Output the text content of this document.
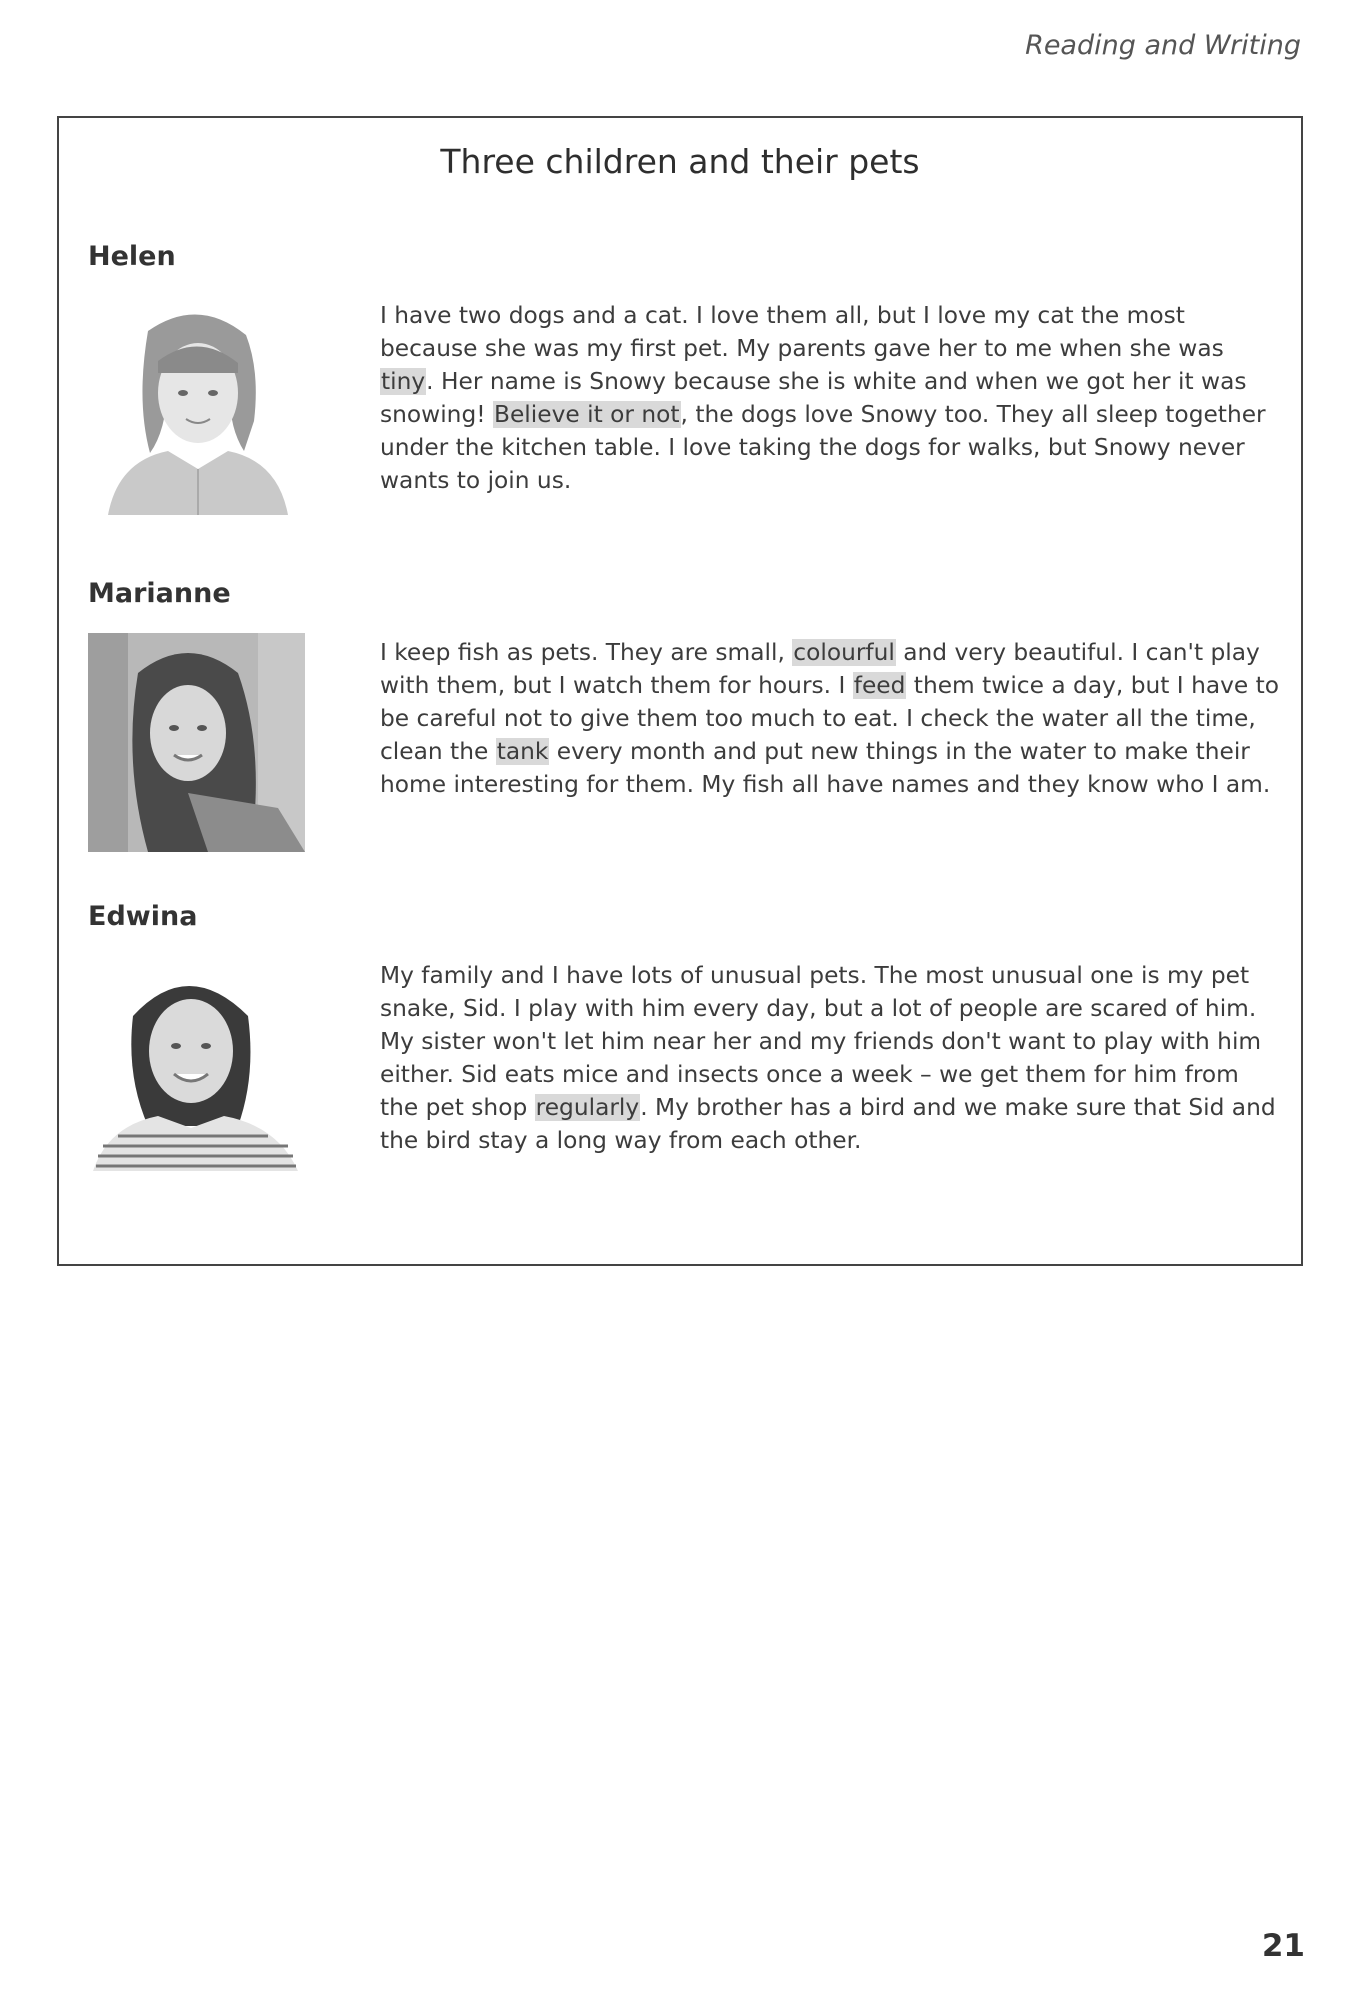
Reading and Writing
Three children and their pets
Helen
I have two dogs and a cat. I love them all, but I love my cat the most because she was my first pet. My parents gave her to me when she was tiny. Her name is Snowy because she is white and when we got her it was snowing! Believe it or not, the dogs love Snowy too. They all sleep together under the kitchen table. I love taking the dogs for walks, but Snowy never wants to join us.
Marianne
I keep fish as pets. They are small, colourful and very beautiful. I can't play with them, but I watch them for hours. I feed them twice a day, but I have to be careful not to give them too much to eat. I check the water all the time, clean the tank every month and put new things in the water to make their home interesting for them. My fish all have names and they know who I am.
Edwina
My family and I have lots of unusual pets. The most unusual one is my pet snake, Sid. I play with him every day, but a lot of people are scared of him. My sister won't let him near her and my friends don't want to play with him either. Sid eats mice and insects once a week – we get them for him from the pet shop regularly. My brother has a bird and we make sure that Sid and the bird stay a long way from each other.
21
